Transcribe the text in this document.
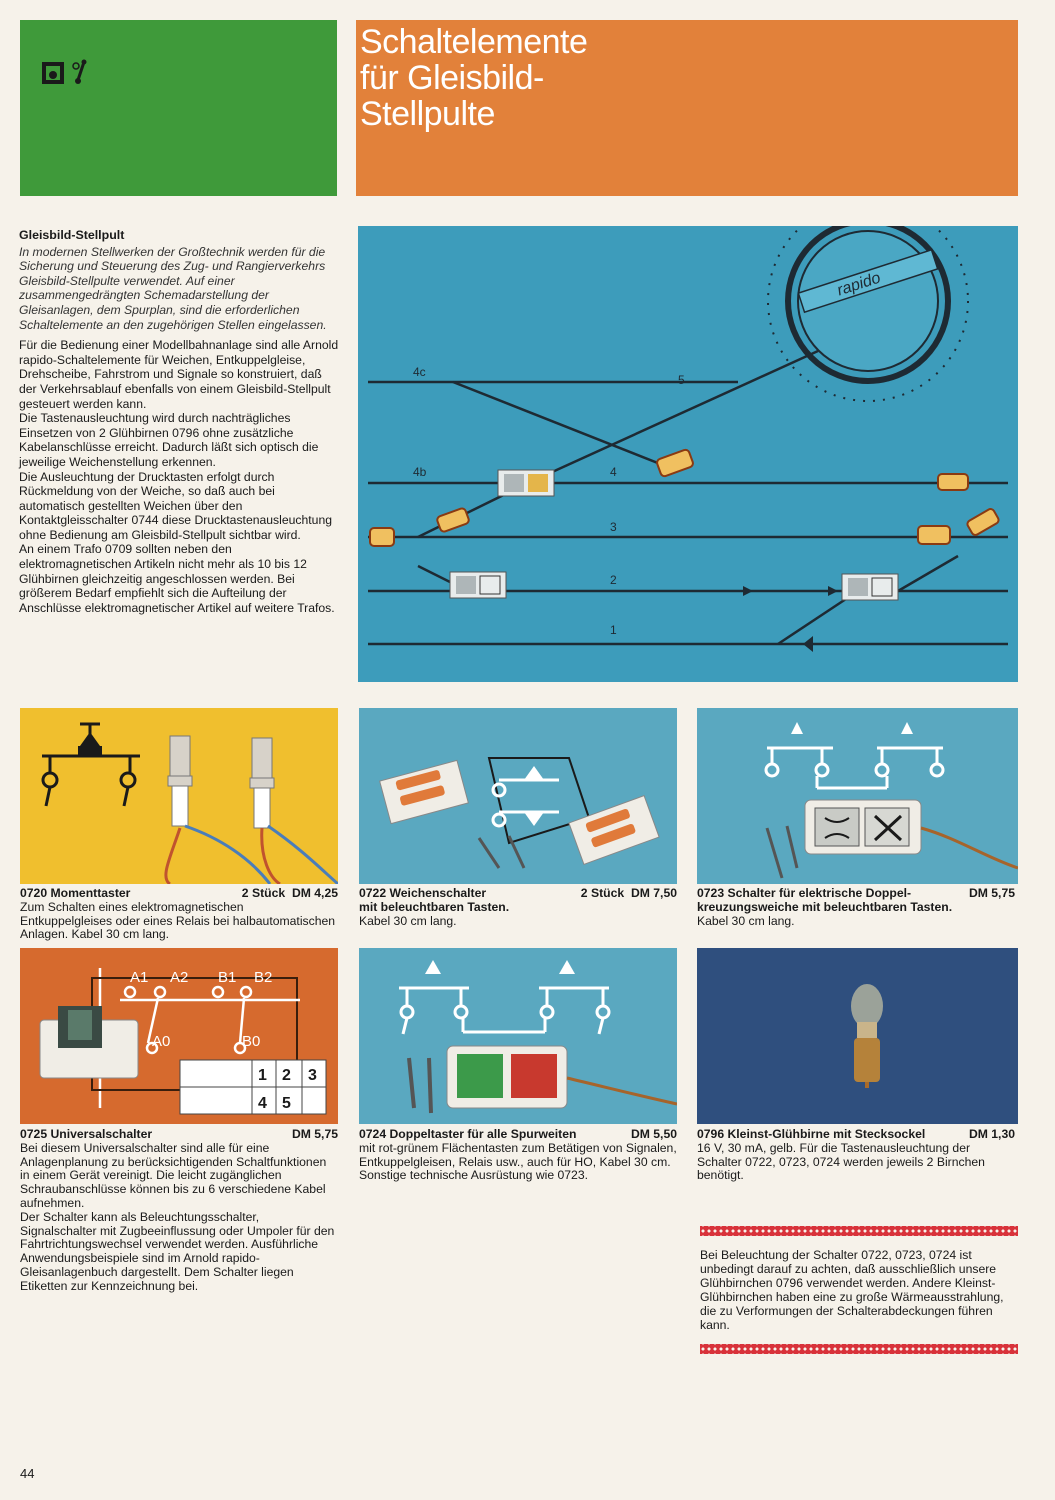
Schaltelemente
für Gleisbild-
Stellpulte
Gleisbild-Stellpult

In modernen Stellwerken der Großtechnik werden für die Sicherung und Steuerung des Zug- und Rangierverkehrs Gleisbild-Stellpulte verwendet. Auf einer zusammengedrängten Schemadarstellung der Gleisanlagen, dem Spurplan, sind die erforderlichen Schaltelemente an den zugehörigen Stellen eingelassen.

Für die Bedienung einer Modellbahnanlage sind alle Arnold rapido-Schaltelemente für Weichen, Entkuppelgleise, Drehscheibe, Fahrstrom und Signale so konstruiert, daß der Verkehrsablauf ebenfalls von einem Gleisbild-Stellpult gesteuert werden kann.

Die Tastenausleuchtung wird durch nachträgliches Einsetzen von 2 Glühbirnen 0796 ohne zusätzliche Kabelanschlüsse erreicht. Dadurch läßt sich optisch die jeweilige Weichenstellung erkennen.

Die Ausleuchtung der Drucktasten erfolgt durch Rückmeldung von der Weiche, so daß auch bei automatisch gestellten Weichen über den Kontaktgleisschalter 0744 diese Drucktastenausleuchtung ohne Bedienung am Gleisbild-Stellpult sichtbar wird.

An einem Trafo 0709 sollten neben den elektromagnetischen Artikeln nicht mehr als 10 bis 12 Glühbirnen gleichzeitig angeschlossen werden. Bei größerem Bedarf empfiehlt sich die Aufteilung der Anschlüsse elektromagnetischer Artikel auf weitere Trafos.

rapido
4c
4b
5
4
3
2
1
0720 Momenttaster	2 Stück DM 4,25

Zum Schalten eines elektromagnetischen Entkuppelgleises oder eines Relais bei halbautomatischen Anlagen. Kabel 30 cm lang.

0722 Weichenschalter	2 Stück DM 7,50
mit beleuchtbaren Tasten.

Kabel 30 cm lang.

0723 Schalter für elektrische Doppel-	DM 5,75
kreuzungsweiche mit beleuchtbaren Tasten.

Kabel 30 cm lang.

A1 A2 B1 B2
A0	B0
1 2 3
4 5
0725 Universalschalter	DM 5,75

Bei diesem Universalschalter sind alle für eine Anlagenplanung zu berücksichtigenden Schaltfunktionen in einem Gerät vereinigt. Die leicht zugänglichen Schraubanschlüsse können bis zu 6 verschiedene Kabel aufnehmen.

Der Schalter kann als Beleuchtungsschalter, Signalschalter mit Zugbeeinflussung oder Umpoler für den Fahrtrichtungswechsel verwendet werden. Ausführliche Anwendungsbeispiele sind im Arnold rapido-Gleisanlagenbuch dargestellt. Dem Schalter liegen Etiketten zur Kennzeichnung bei.

0724 Doppeltaster für alle Spurweiten	DM 5,50

mit rot-grünem Flächentasten zum Betätigen von Signalen, Entkuppelgleisen, Relais usw., auch für HO, Kabel 30 cm. Sonstige technische Ausrüstung wie 0723.

0796 Kleinst-Glühbirne mit Stecksockel	DM 1,30

16 V, 30 mA, gelb. Für die Tastenausleuchtung der Schalter 0722, 0723, 0724 werden jeweils 2 Birnchen benötigt.

Bei Beleuchtung der Schalter 0722, 0723, 0724 ist unbedingt darauf zu achten, daß ausschließlich unsere Glühbirnchen 0796 verwendet werden. Andere Kleinst-Glühbirnchen haben eine zu große Wärmeausstrahlung, die zu Verformungen der Schalterabdeckungen führen kann.

44
